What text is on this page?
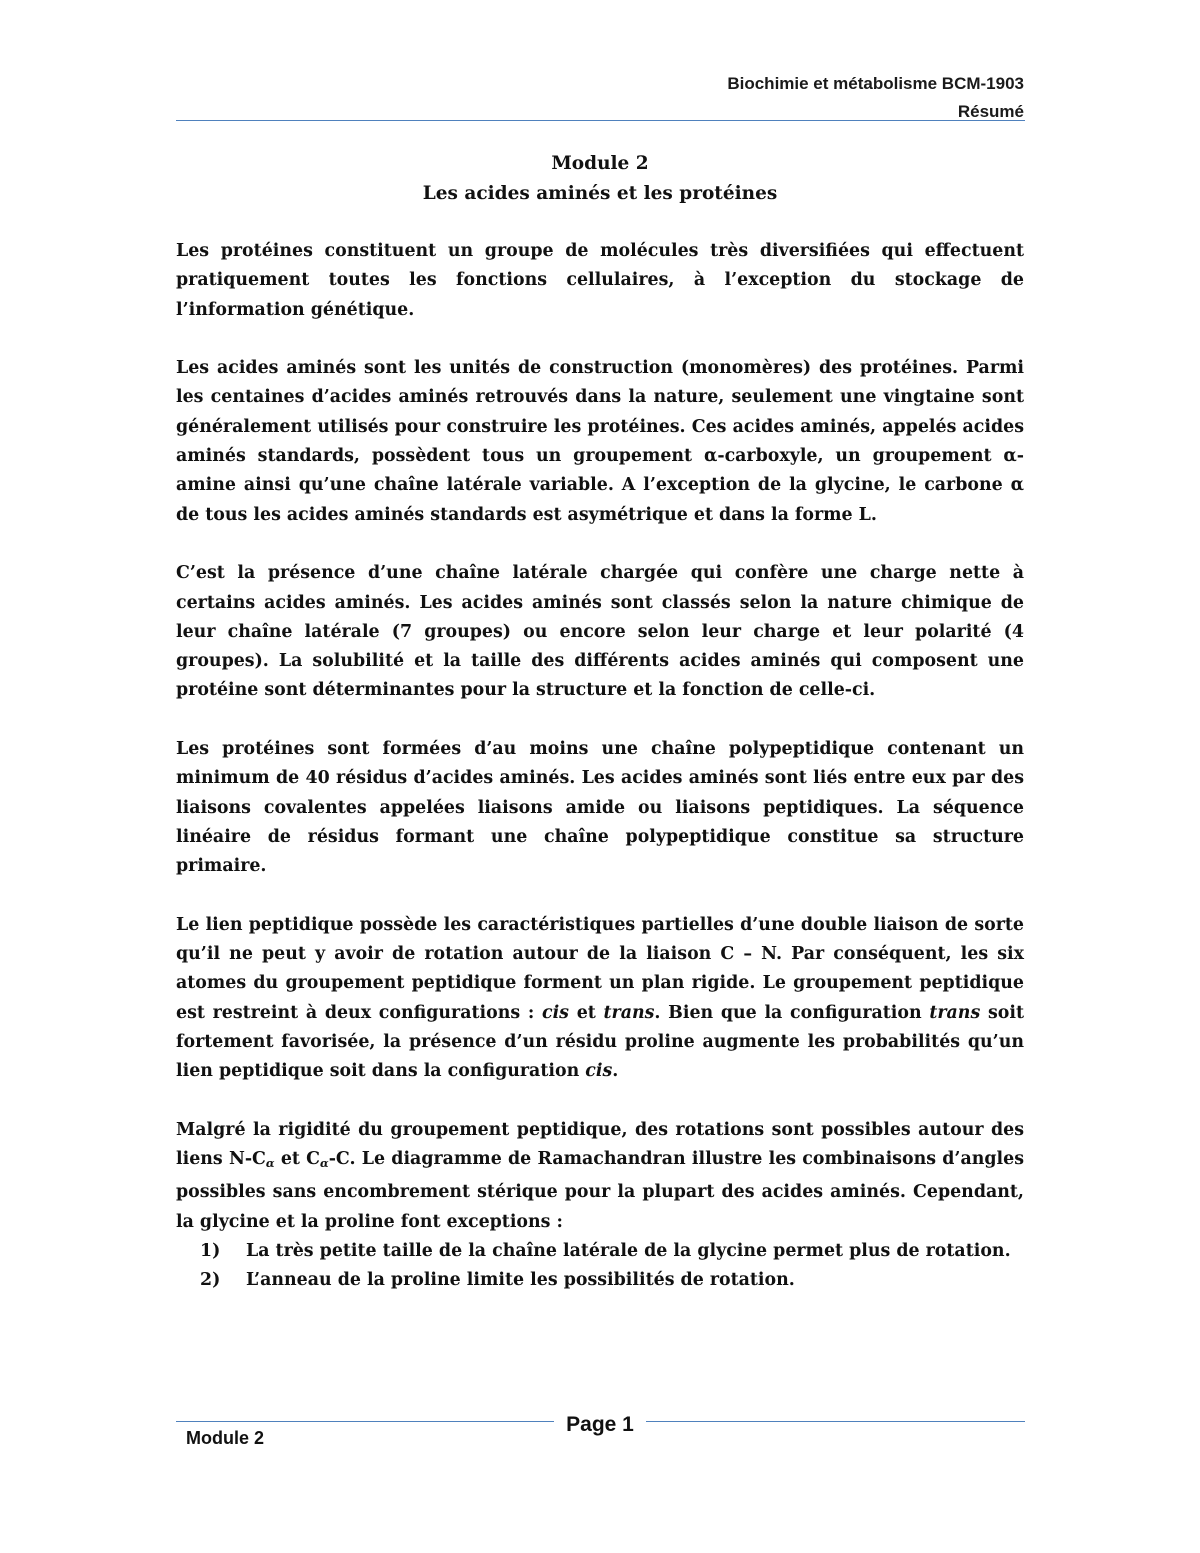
Biochimie et métabolisme BCM-1903
Résumé
Module 2
Les acides aminés et les protéines

Les protéines constituent un groupe de molécules très diversifiées qui effectuent pratiquement toutes les fonctions cellulaires, à l’exception du stockage de l’information génétique.

Les acides aminés sont les unités de construction (monomères) des protéines. Parmi les centaines d’acides aminés retrouvés dans la nature, seulement une vingtaine sont généralement utilisés pour construire les protéines. Ces acides aminés, appelés acides aminés standards, possèdent tous un groupement α-carboxyle, un groupement α-amine ainsi qu’une chaîne latérale variable. A l’exception de la glycine, le carbone α de tous les acides aminés standards est asymétrique et dans la forme L.

C’est la présence d’une chaîne latérale chargée qui confère une charge nette à certains acides aminés. Les acides aminés sont classés selon la nature chimique de leur chaîne latérale (7 groupes) ou encore selon leur charge et leur polarité (4 groupes). La solubilité et la taille des différents acides aminés qui composent une protéine sont déterminantes pour la structure et la fonction de celle-ci.

Les protéines sont formées d’au moins une chaîne polypeptidique contenant un minimum de 40 résidus d’acides aminés. Les acides aminés sont liés entre eux par des liaisons covalentes appelées liaisons amide ou liaisons peptidiques. La séquence linéaire de résidus formant une chaîne polypeptidique constitue sa structure primaire.

Le lien peptidique possède les caractéristiques partielles d’une double liaison de sorte qu’il ne peut y avoir de rotation autour de la liaison C – N. Par conséquent, les six atomes du groupement peptidique forment un plan rigide. Le groupement peptidique est restreint à deux configurations : cis et trans. Bien que la configuration trans soit fortement favorisée, la présence d’un résidu proline augmente les probabilités qu’un lien peptidique soit dans la configuration cis.

Malgré la rigidité du groupement peptidique, des rotations sont possibles autour des liens $N-C_\alpha$ et $C_\alpha-C$. Le diagramme de Ramachandran illustre les combinaisons d’angles possibles sans encombrement stérique pour la plupart des acides aminés. Cependant, la glycine et la proline font exceptions :

1)	La très petite taille de la chaîne latérale de la glycine permet plus de rotation.
2)	L’anneau de la proline limite les possibilités de rotation.
Page 1
Module 2
